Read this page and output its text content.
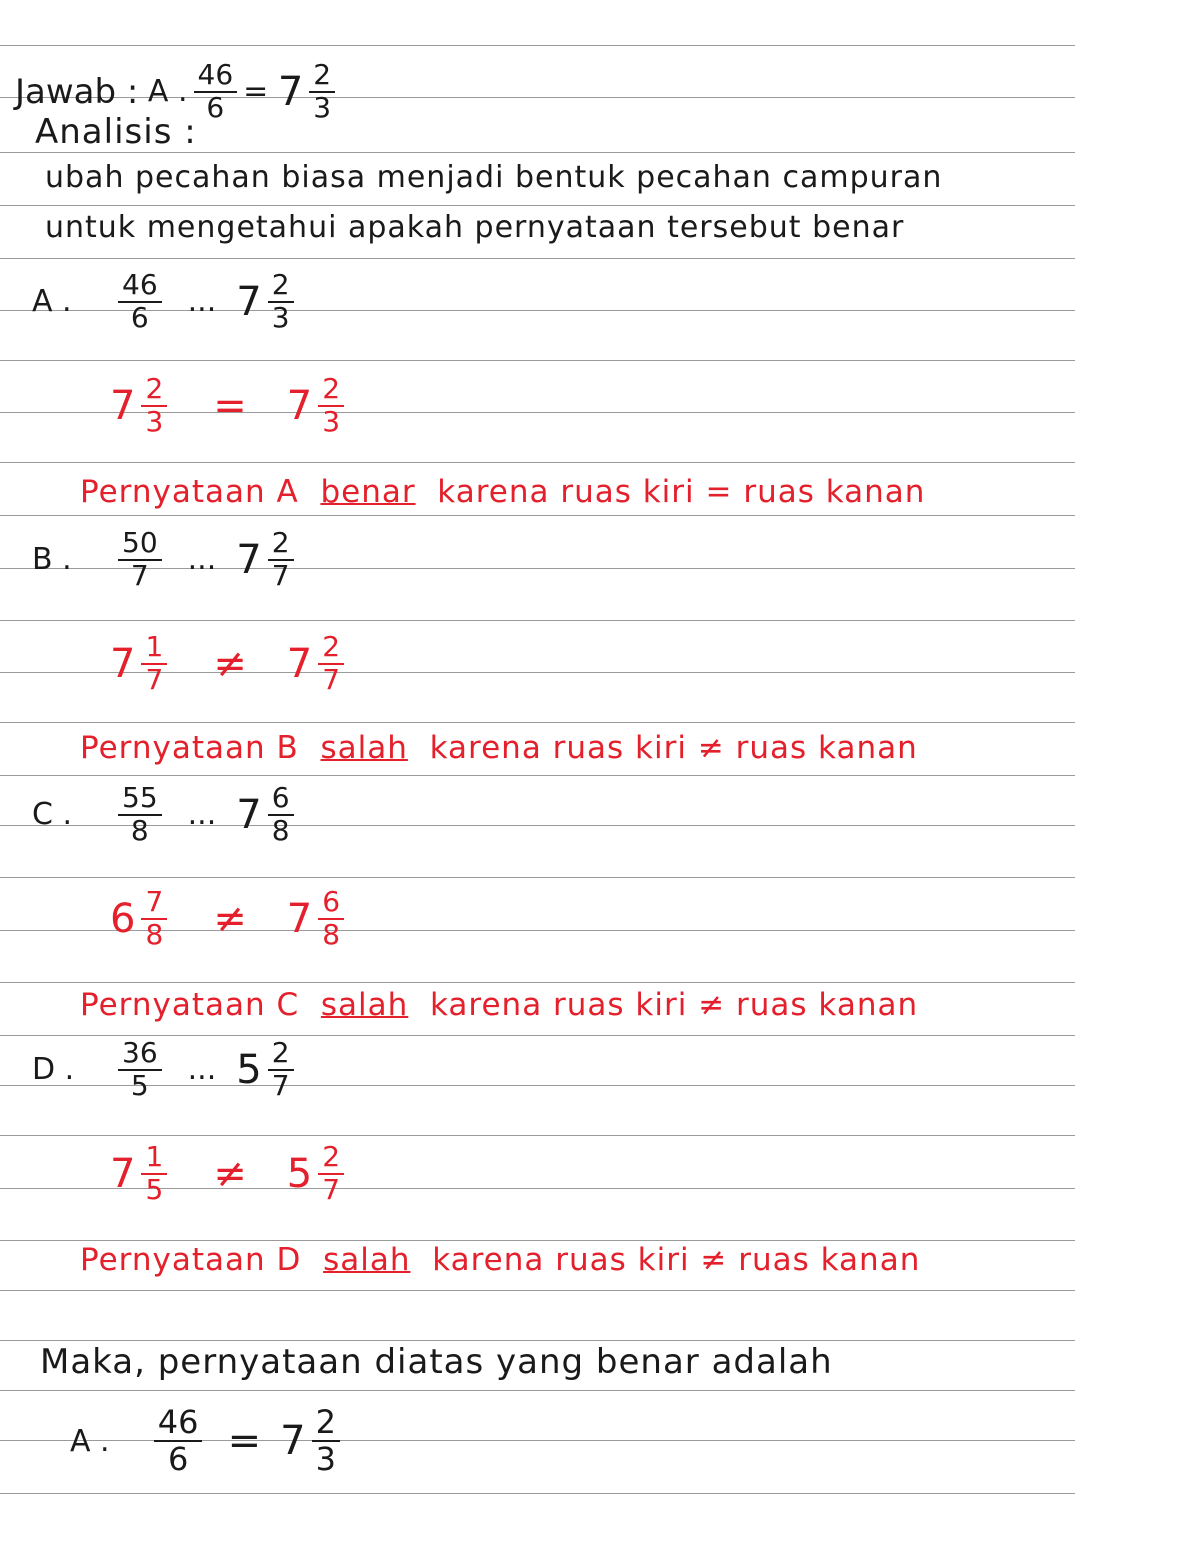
Jawab :
A . $\frac{46}{6}$ =
$7 \frac{2}{3}$
Analisis :
ubah pecahan biasa menjadi bentuk pecahan campuran
untuk mengetahui apakah pernyataan tersebut benar
A .	$\frac{46}{6}$ ... $7 \frac{2}{3}$
$7 \frac{2}{3} = 7 \frac{2}{3}$
Pernyataan A benar karena ruas kiri = ruas kanan
B .	$\frac{50}{7}$ ... $7 \frac{2}{7}$
$7 \frac{1}{7} \ne 7 \frac{2}{7}$
Pernyataan B salah karena ruas kiri ≠ ruas kanan
C .	$\frac{55}{8}$ ... $7 \frac{6}{8}$
$6 \frac{7}{8} \ne 7 \frac{6}{8}$
Pernyataan C salah karena ruas kiri ≠ ruas kanan
D .	$\frac{36}{5}$ ... $5 \frac{2}{7}$
$7 \frac{1}{5} \ne 5 \frac{2}{7}$
Pernyataan D salah karena ruas kiri ≠ ruas kanan
Maka, pernyataan diatas yang benar adalah
A .
$\frac{46}{6}$
=
$7 \frac{2}{3}$
